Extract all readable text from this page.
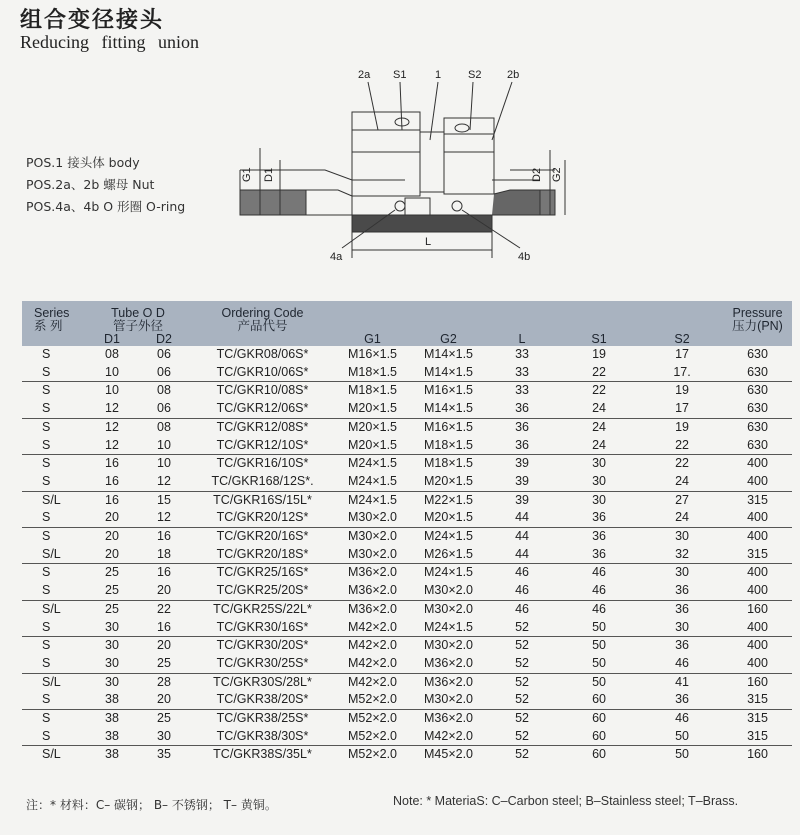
组合变径接头
Reducing fitting union
POS.1 接头体 body
POS.2a、2b 螺母 Nut
POS.4a、4b O 形圈 O-ring
2a S1	1 S2 2b
G1 D1	D2 G2
L
4a	4b
Series	Tube O D		Ordering Code						Pressure
系 列	管子外径		产品代号						压力(PN)
	D1	D2		G1	G2	L	S1	S2	
S	08	06	TC/GKR08/06S*	M16×1.5	M14×1.5	33	19	17	630
S	10	06	TC/GKR10/06S*	M18×1.5	M14×1.5	33	22	17.	630
S	10	08	TC/GKR10/08S*	M18×1.5	M16×1.5	33	22	19	630
S	12	06	TC/GKR12/06S*	M20×1.5	M14×1.5	36	24	17	630
S	12	08	TC/GKR12/08S*	M20×1.5	M16×1.5	36	24	19	630
S	12	10	TC/GKR12/10S*	M20×1.5	M18×1.5	36	24	22	630
S	16	10	TC/GKR16/10S*	M24×1.5	M18×1.5	39	30	22	400
S	16	12	TC/GKR168/12S*.	M24×1.5	M20×1.5	39	30	24	400
S/L	16	15	TC/GKR16S/15L*	M24×1.5	M22×1.5	39	30	27	315
S	20	12	TC/GKR20/12S*	M30×2.0	M20×1.5	44	36	24	400
S	20	16	TC/GKR20/16S*	M30×2.0	M24×1.5	44	36	30	400
S/L	20	18	TC/GKR20/18S*	M30×2.0	M26×1.5	44	36	32	315
S	25	16	TC/GKR25/16S*	M36×2.0	M24×1.5	46	46	30	400
S	25	20	TC/GKR25/20S*	M36×2.0	M30×2.0	46	46	36	400
S/L	25	22	TC/GKR25S/22L*	M36×2.0	M30×2.0	46	46	36	160
S	30	16	TC/GKR30/16S*	M42×2.0	M24×1.5	52	50	30	400
S	30	20	TC/GKR30/20S*	M42×2.0	M30×2.0	52	50	36	400
S	30	25	TC/GKR30/25S*	M42×2.0	M36×2.0	52	50	46	400
S/L	30	28	TC/GKR30S/28L*	M42×2.0	M36×2.0	52	50	41	160
S	38	20	TC/GKR38/20S*	M52×2.0	M30×2.0	52	60	36	315
S	38	25	TC/GKR38/25S*	M52×2.0	M36×2.0	52	60	46	315
S	38	30	TC/GKR38/30S*	M52×2.0	M42×2.0	52	60	50	315
S/L	38	35	TC/GKR38S/35L*	M52×2.0	M45×2.0	52	60	50	160
注：* 材料：C– 碳钢； B– 不锈钢； T– 黄铜。	Note: * MateriaS: C–Carbon steel; B–Stainless steel; T–Brass.
